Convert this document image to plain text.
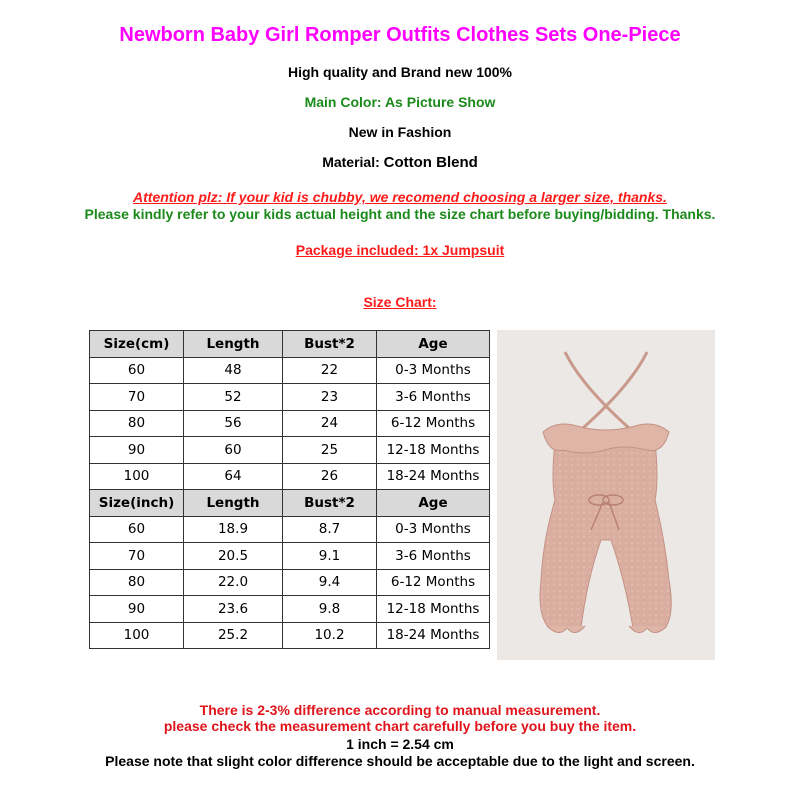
Newborn Baby Girl Romper Outfits Clothes Sets One-Piece
High quality and Brand new 100%
Main Color: As Picture Show
New in Fashion
Material: Cotton Blend
Attention plz: If your kid is chubby, we recomend choosing a larger size, thanks.
Please kindly refer to your kids actual height and the size chart before buying/bidding. Thanks.
Package included: 1x Jumpsuit
Size Chart:
Size(cm)	Length	Bust*2	Age
60	48	22	0-3 Months
70	52	23	3-6 Months
80	56	24	6-12 Months
90	60	25	12-18 Months
100	64	26	18-24 Months
Size(inch)	Length	Bust*2	Age
60	18.9	8.7	0-3 Months
70	20.5	9.1	3-6 Months
80	22.0	9.4	6-12 Months
90	23.6	9.8	12-18 Months
100	25.2	10.2	18-24 Months
There is 2-3% difference according to manual measurement.
please check the measurement chart carefully before you buy the item.
1 inch = 2.54 cm
Please note that slight color difference should be acceptable due to the light and screen.
